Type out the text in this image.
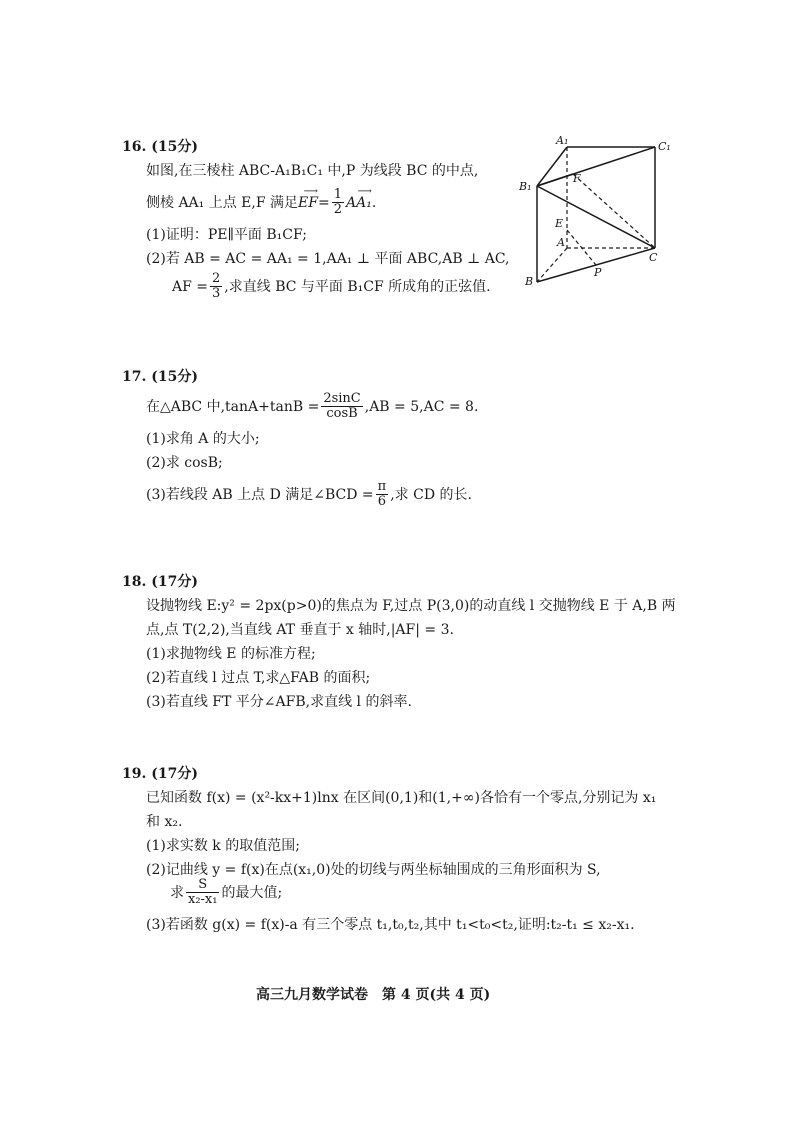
16. (15分)
如图,在三棱柱 ABC-A₁B₁C₁ 中,P 为线段 BC 的中点,
侧棱 AA₁ 上点 E,F 满足
⟶
$EF= \frac{1}{2}$	⟶
AA₁.
(1)证明：PE∥平面 B₁CF;
(2)若 AB = AC = AA₁ = 1,AA₁ ⊥ 平面 ABC,AB ⊥ AC,
AF = $\frac{2}{3}$ ,求直线 BC 与平面 B₁CF 所成角的正弦值.
A₁	C₁
B₁
F
E
A
C
B
P
17. (15分)
在△ABC 中$,\tan A+\tan B = \frac{2\sin C}{\cos B} ,AB = 5,AC = 8$.
(1)求角 A 的大小;
(2)求 cosB;
(3)若线段 AB 上点 D 满足∠BCD = $\frac{\pi}{6}$ ,求 CD 的长.
18. (17分)
设抛物线 E:y² = 2px(p>0)的焦点为 F,过点 P(3,0)的动直线 l 交抛物线 E 于 A,B 两
点,点 T(2,2),当直线 AT 垂直于 x 轴时,|AF| = 3.
(1)求抛物线 E 的标准方程;
(2)若直线 l 过点 T,求△FAB 的面积;
(3)若直线 FT 平分∠AFB,求直线 l 的斜率.
19. (17分)
已知函数 f(x) = (x²-kx+1)lnx 在区间(0,1)和(1,+∞)各恰有一个零点,分别记为 x₁
和 x₂.
(1)求实数 k 的取值范围;
(2)记曲线 y = f(x)在点(x₁,0)处的切线与两坐标轴围成的三角形面积为 S,
求 $\frac{S}{\text{x₂-x₁}}$ 的最大值;
(3)若函数 g(x) = f(x)-a 有三个零点 t₁,t₀,t₂,其中 t₁<t₀<t₂,证明:t₂-t₁ ≤ x₂-x₁.
高三九月数学试卷　第 4 页(共 4 页)
